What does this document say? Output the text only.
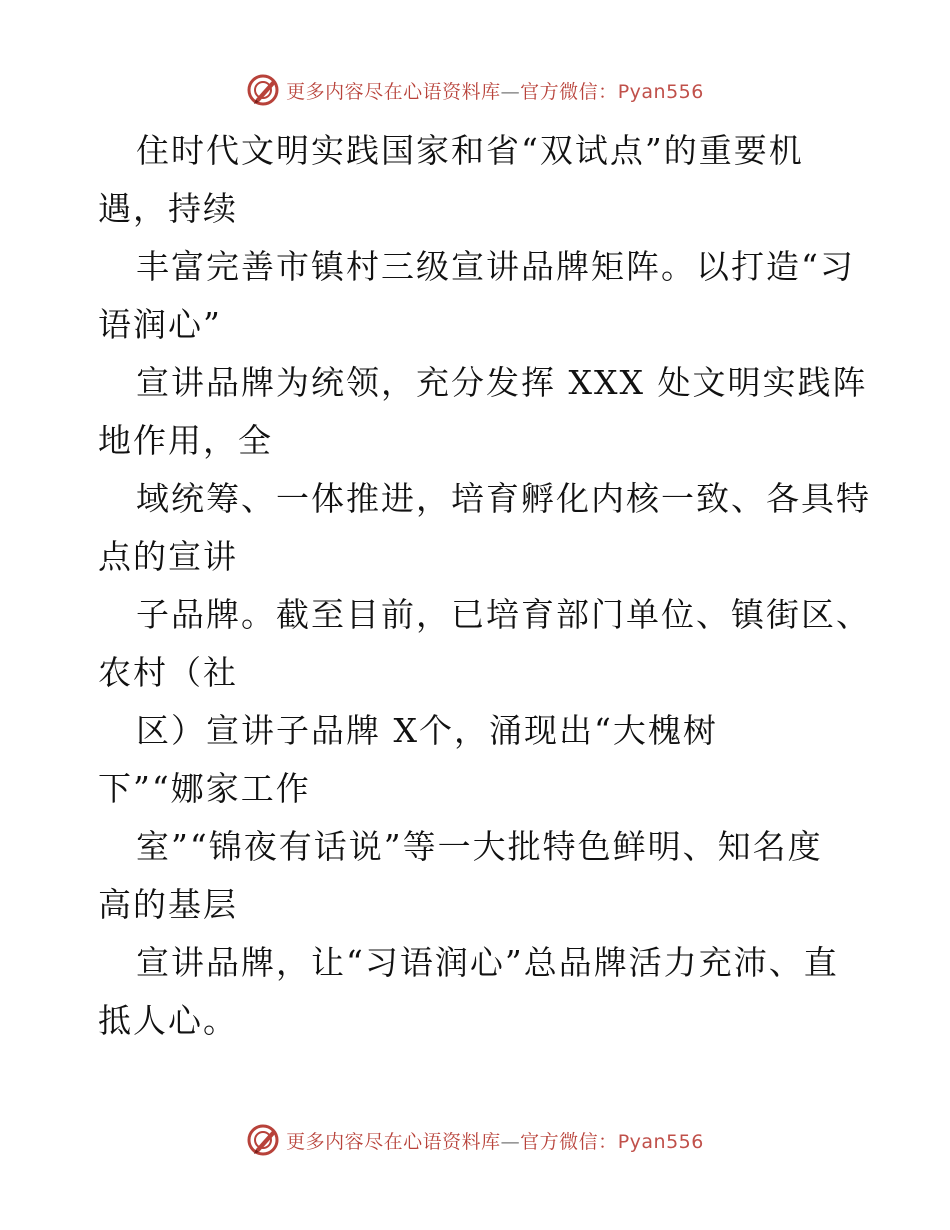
更多内容尽在心语资料库—官方微信：Pyan556
住时代文明实践国家和省“双试点”的重要机
遇，持续
丰富完善市镇村三级宣讲品牌矩阵。以打造“习
语润心”
宣讲品牌为统领，充分发挥 XXX 处文明实践阵
地作用，全
域统筹、一体推进，培育孵化内核一致、各具特
点的宣讲
子品牌。截至目前，已培育部门单位、镇街区、
农村（社
区）宣讲子品牌 X个，涌现出“大槐树
下”“娜家工作
室”“锦夜有话说”等一大批特色鲜明、知名度
高的基层
宣讲品牌，让“习语润心”总品牌活力充沛、直
抵人心。
更多内容尽在心语资料库—官方微信：Pyan556
